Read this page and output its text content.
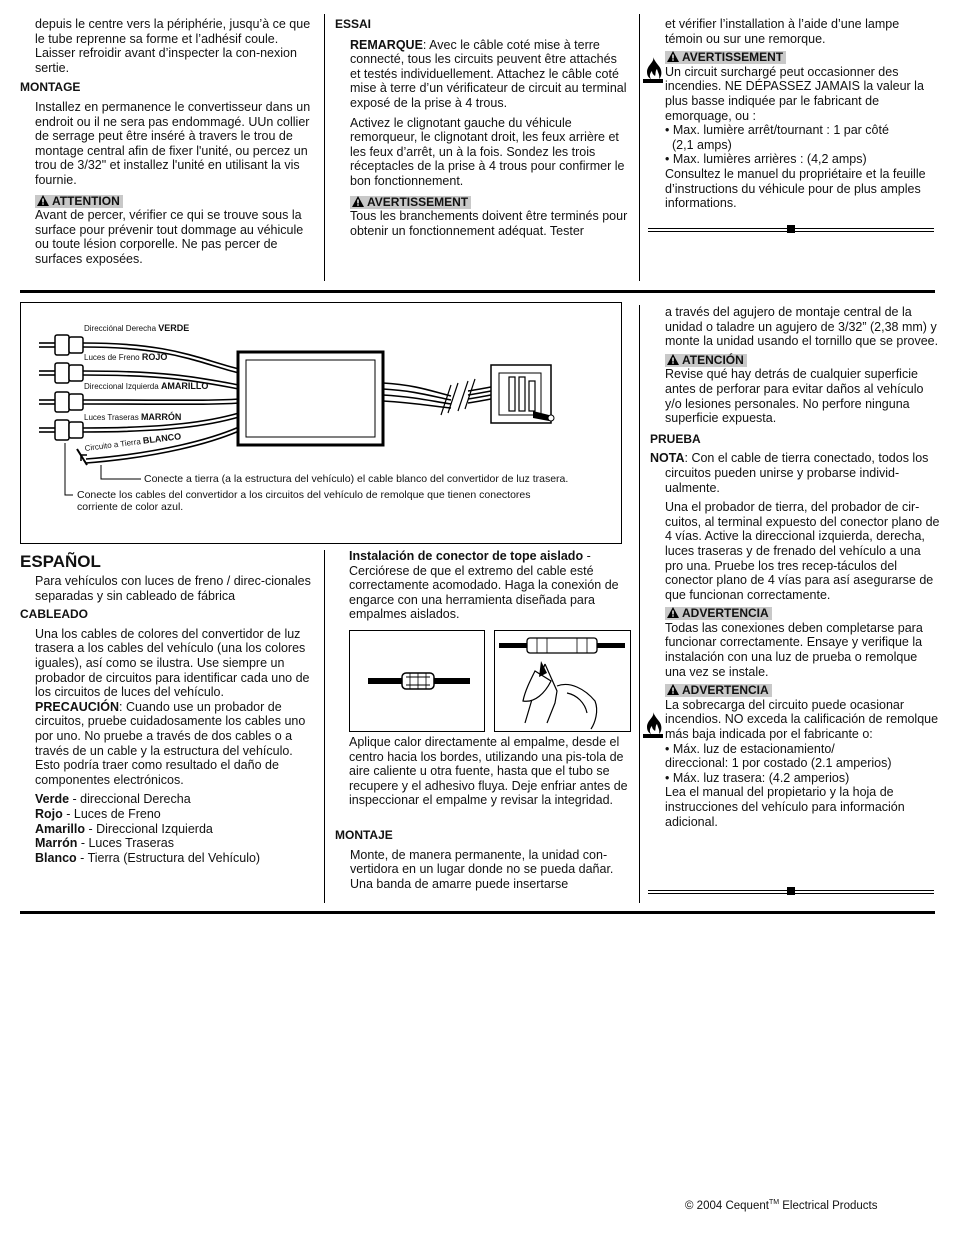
depuis le centre vers la périphérie, jusqu’à ce que le tube reprenne sa forme et l’adhésif coule. Laisser refroidir avant d’inspecter la con-nexion sertie.

MONTAGE

Installez en permanence le convertisseur dans un endroit ou il ne sera pas endommagé. UUn collier de serrage peut être inséré à travers le trou de montage central afin de fixer l'unité, ou percez un trou de 3/32" et installez l'unité en utilisant la vis fournie.

ATTENTION

Avant de percer, vérifier ce qui se trouve sous la surface pour prévenir tout dommage au véhicule ou toute lésion corporelle. Ne pas percer de surfaces exposées.

ESSAI

REMARQUE: Avec le câble coté mise à terre connecté, tous les circuits peuvent être attachés et testés individuellement. Attachez le câble coté mise à terre d’un vérificateur de circuit au terminal exposé de la prise à 4 trous.

Activez le clignotant gauche du véhicule remorqueur, le clignotant droit, les feux arrière et les feux d’arrêt, un à la fois. Sondez les trois réceptacles de la prise à 4 trous pour confirmer le bon fonctionnement.

AVERTISSEMENT

Tous les branchements doivent être terminés pour obtenir un fonctionnement adéquat. Tester

et vérifier l’installation à l’aide d’une lampe témoin ou sur une remorque.

AVERTISSEMENT

Un circuit surchargé peut occasionner des incendies. NE DÉPASSEZ JAMAIS la valeur la plus basse indiquée par le fabricant de emorquage, ou :

• Max. lumière arrêt/tournant : 1 par côté

(2,1 amps)

• Max. lumières arrières : (4,2 amps)

Consultez le manuel du propriétaire et la feuille d’instructions du véhicule pour de plus amples informations.

Direcciónal Derecha VERDE
Luces de Freno ROJO
Direccional Izquierda AMARILLO
Luces Traseras MARRÓN
Circuito a Tierra BLANCO
Conecte a tierra (a la estructura del vehículo) el cable blanco del convertidor de luz trasera.
Conecte los cables del convertidor a los circuitos del vehículo de remolque que tienen conectores
corriente de color azul.

ESPAÑOL

Para vehículos con luces de freno / direc-cionales separadas y sin cableado de fábrica

CABLEADO

Una los cables de colores del convertidor de luz trasera a los cables del vehículo (una los colores iguales), así como se ilustra. Use siempre un probador de circuitos para identificar cada uno de los circuitos de luces del vehículo.

PRECAUCIÓN: Cuando use un probador de circuitos, pruebe cuidadosamente los cables uno por uno. No pruebe a través de dos cables o a través de un cable y la estructura del vehículo. Esto podría traer como resultado el daño de componentes electrónicos.

Verde - direccional Derecha

Rojo - Luces de Freno

Amarillo - Direccional Izquierda

Marrón - Luces Traseras

Blanco - Tierra (Estructura del Vehículo)

Instalación de conector de tope aislado - Cerciórese de que el extremo del cable esté correctamente acomodado. Haga la conexión de engarce con una herramienta diseñada para empalmes aislados.

Aplique calor directamente al empalme, desde el centro hacia los bordes, utilizando una pis-tola de aire caliente u otra fuente, hasta que el tubo se recupere y el adhesivo fluya. Deje enfriar antes de inspeccionar el empalme y revisar la integridad.

MONTAJE

Monte, de manera permanente, la unidad con-vertidora en un lugar donde no se pueda dañar. Una banda de amarre puede insertarse

a través del agujero de montaje central de la unidad o taladre un agujero de 3/32” (2,38 mm) y monte la unidad usando el tornillo que se provee.

ATENCIÓN

Revise qué hay detrás de cualquier superficie antes de perforar para evitar daños al vehículo y/o lesiones personales. No perfore ninguna superficie expuesta.

PRUEBA

NOTA: Con el cable de tierra conectado, todos los circuitos pueden unirse y probarse individ-ualmente.

Una el probador de tierra, del probador de cir-cuitos, al terminal expuesto del conector plano de 4 vías. Active la direccional izquierda, derecha, luces traseras y de frenado del vehículo a una pro una. Pruebe los tres recep-táculos del conector plano de 4 vías para así asegurarse de que funcionan correctamente.

ADVERTENCIA

Todas las conexiones deben completarse para funcionar correctamente. Ensaye y verifique la instalación con una luz de prueba o remolque una vez se instale.

ADVERTENCIA

La sobrecarga del circuito puede ocasionar incendios. NO exceda la calificación de remolque más baja indicada por el fabricante o:

• Máx. luz de estacionamiento/

direccional: 1 por costado (2.1 amperios)

• Máx. luz trasera: (4.2 amperios)

Lea el manual del propietario y la hoja de instrucciones del vehículo para información adicional.

© 2004 Cequent™ Electrical Products
